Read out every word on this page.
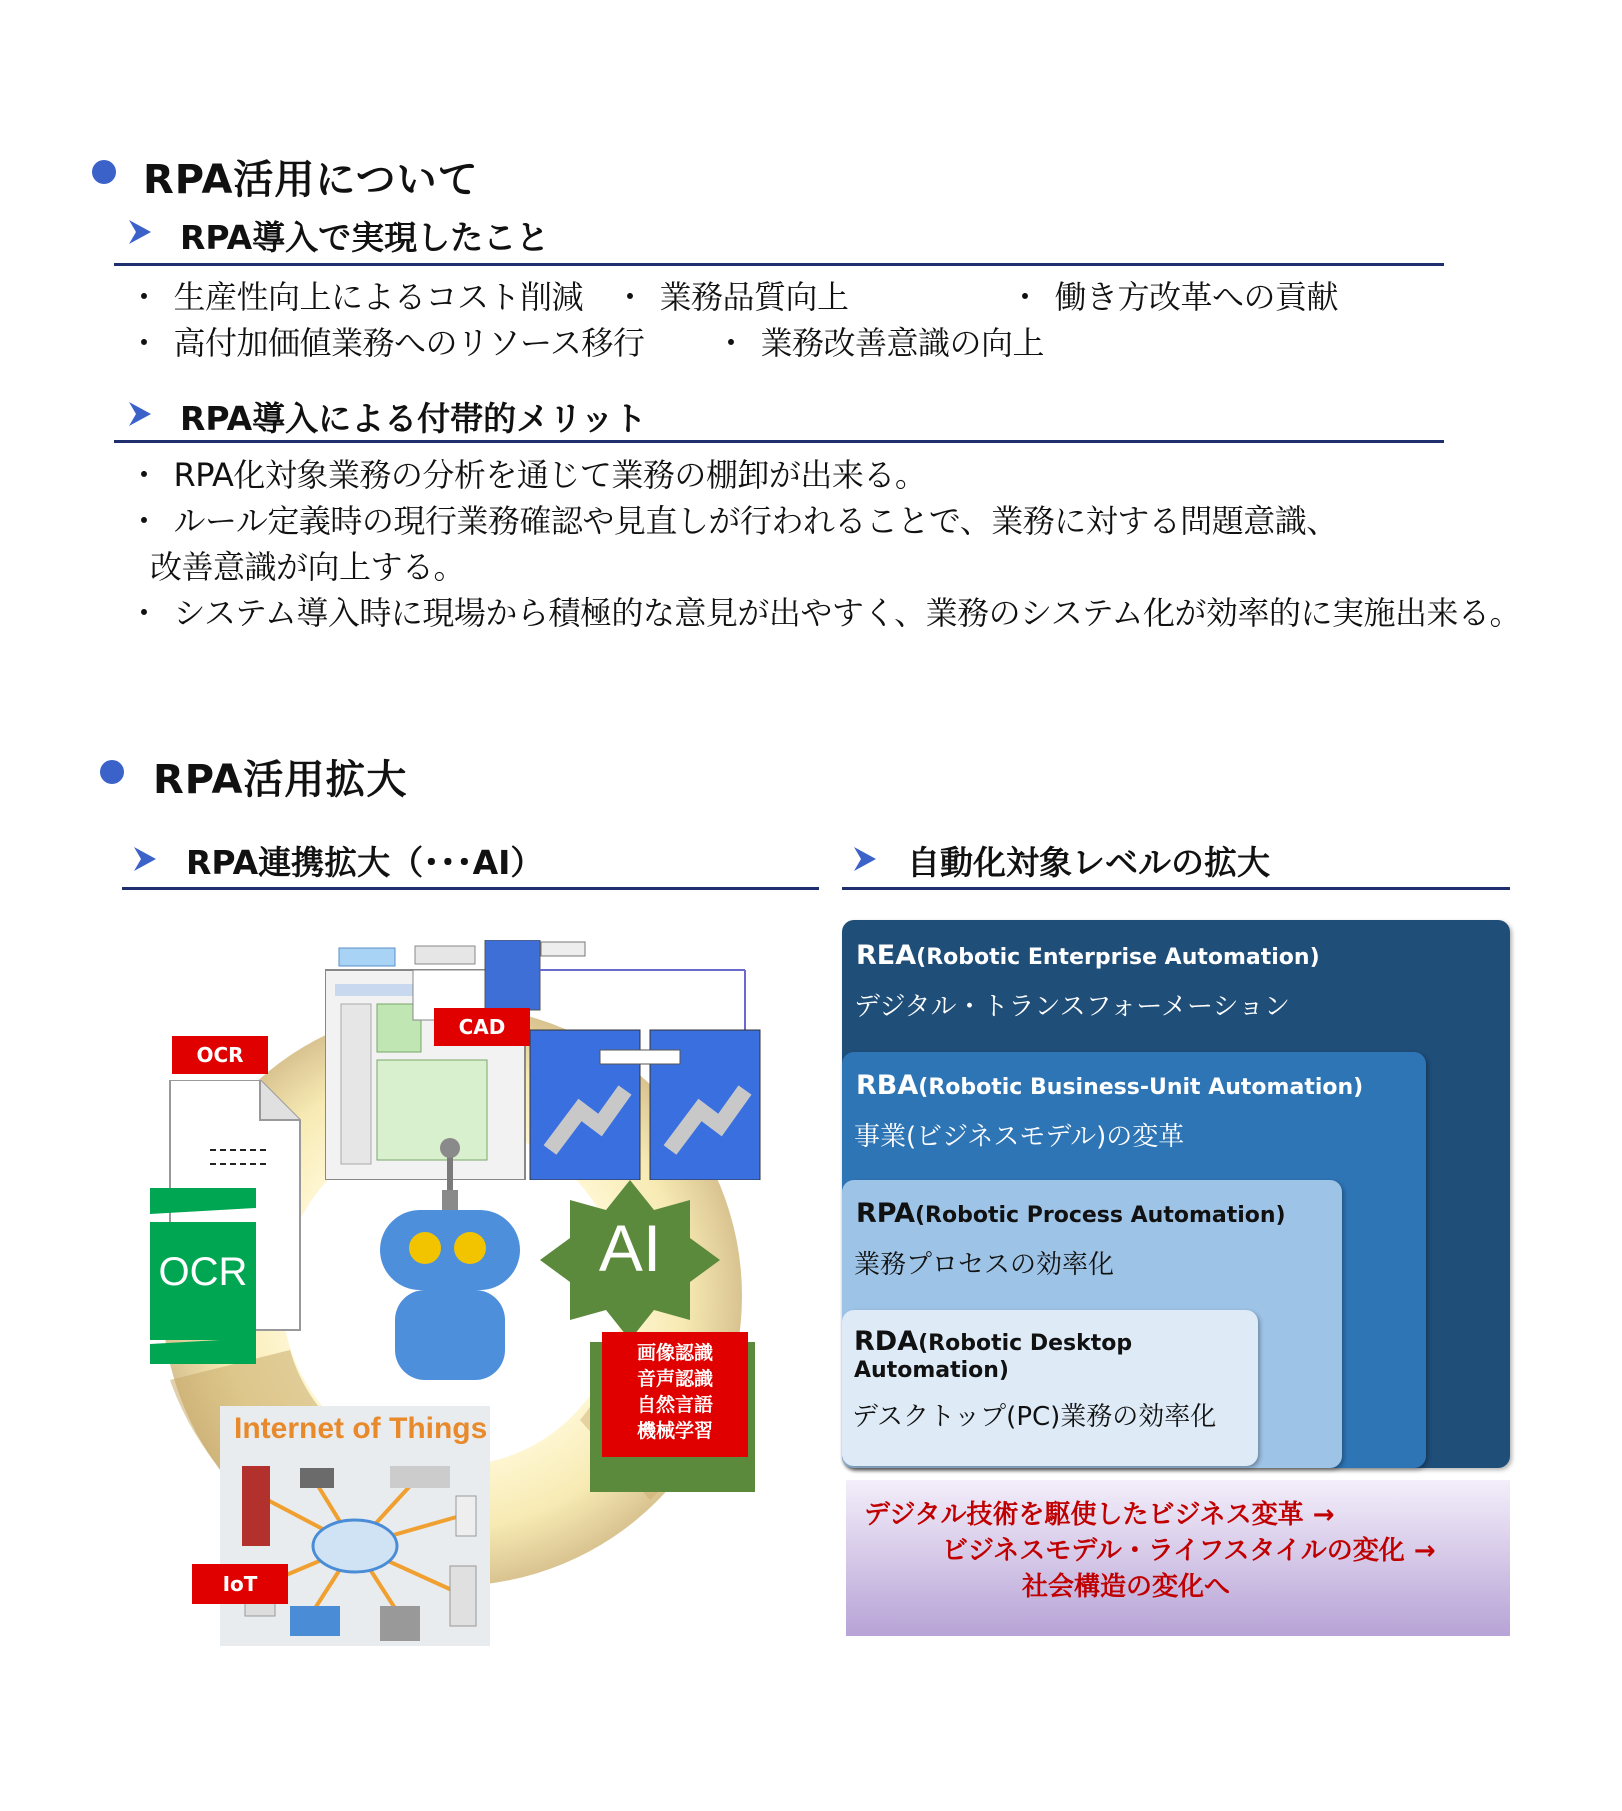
RPA活用について
RPA導入で実現したこと
・ 生産性向上によるコスト削減 ・ 業務品質向上	・ 働き方改革への貢献
・ 高付加価値業務へのリソース移行 ・ 業務改善意識の向上
RPA導入による付帯的メリット
・ RPA化対象業務の分析を通じて業務の棚卸が出来る。
・ ルール定義時の現行業務確認や見直しが行われることで、業務に対する問題意識、
改善意識が向上する。
・ システム導入時に現場から積極的な意見が出やすく、業務のシステム化が効率的に実施出来る。
RPA活用拡大
RPA連携拡大（･･･AI）	自動化対象レベルの拡大
OCR	AI
画像認識
音声認識
自然言語
機械学習
Internet of Things
OCR
CAD
IoT
REA(Robotic Enterprise Automation)
デジタル・トランスフォーメーション
RBA(Robotic Business-Unit Automation)
事業(ビジネスモデル)の変革
RPA(Robotic Process Automation)
業務プロセスの効率化
RDA(Robotic Desktop
Automation)
デスクトップ(PC)業務の効率化
デジタル技術を駆使したビジネス変革 →
ビジネスモデル・ライフスタイルの変化 →
社会構造の変化へ
